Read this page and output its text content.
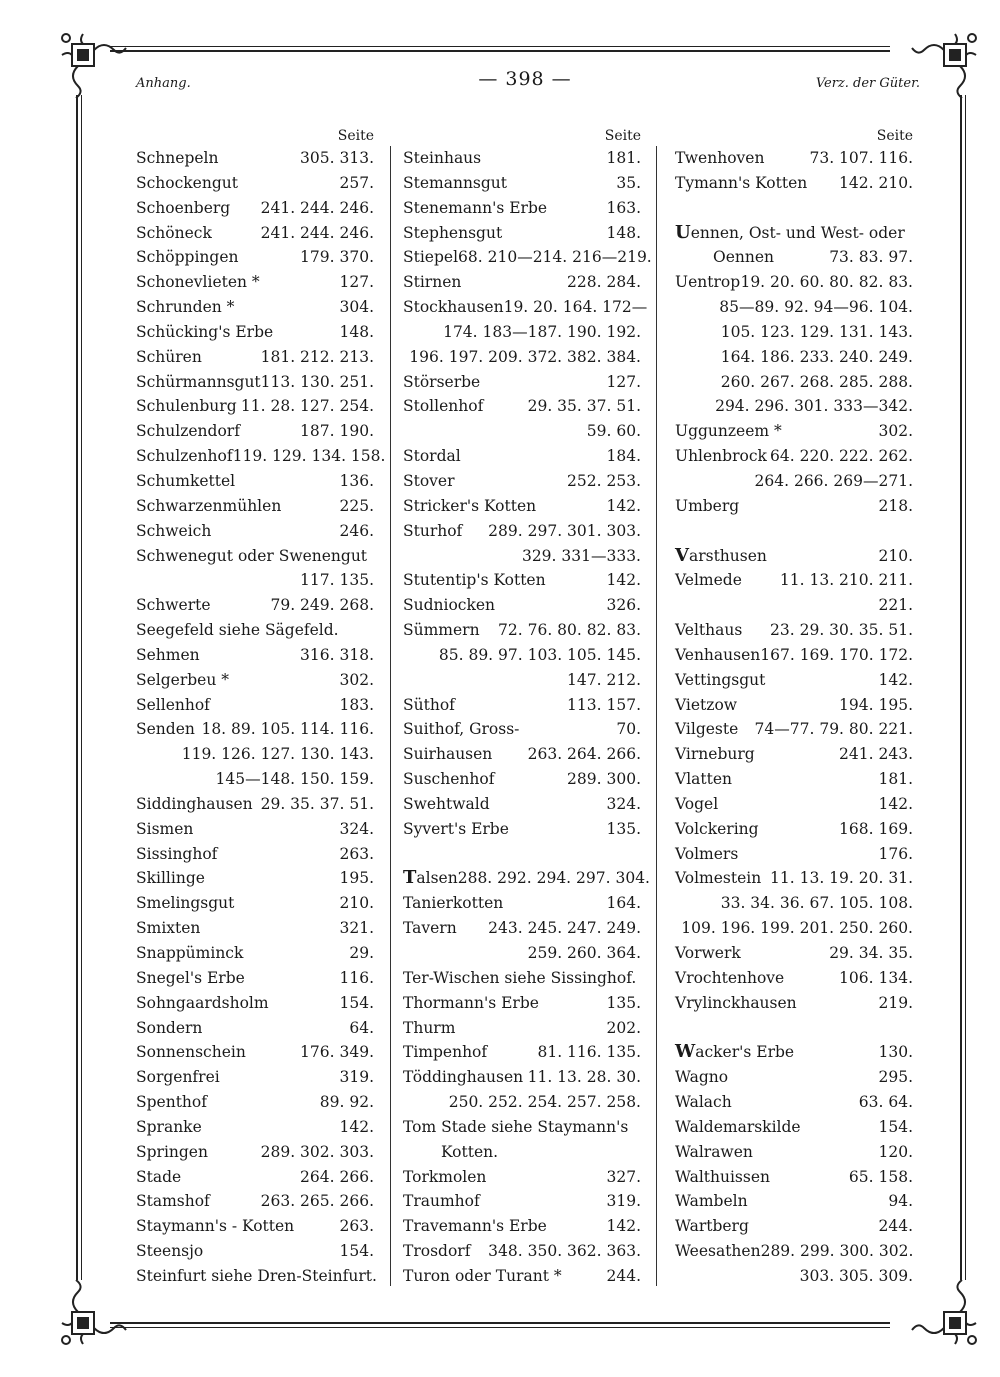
Anhang.	— 398 —	Verz. der Güter.
Seite
Schnepeln	305. 313.
Schockengut	257.
Schoenberg	241. 244. 246.
Schöneck	241. 244. 246.
Schöppingen	179. 370.
Schonevlieten *	127.
Schrunden *	304.
Schücking's Erbe	148.
Schüren	181. 212. 213.
Schürmannsgut 113. 130. 251.
Schulenburg 11. 28. 127. 254.
Schulzendorf	187. 190.
Schulzenhof 119. 129. 134. 158.
Schumkettel	136.
Schwarzenmühlen	225.
Schweich	246.
Schwenegut oder Swenengut
117. 135.
Schwerte	79. 249. 268.
Seegefeld siehe Sägefeld.
Sehmen	316. 318.
Selgerbeu *	302.
Sellenhof	183.
Senden 18. 89. 105. 114. 116.
119. 126. 127. 130. 143.
145—148. 150. 159.
Siddinghausen 29. 35. 37. 51.
Sismen	324.
Sissinghof	263.
Skillinge	195.
Smelingsgut	210.
Smixten	321.
Snappüminck	29.
Snegel's Erbe	116.
Sohngaardsholm	154.
Sondern	64.
Sonnenschein	176. 349.
Sorgenfrei	319.
Spenthof	89. 92.
Spranke	142.
Springen	289. 302. 303.
Stade	264. 266.
Stamshof	263. 265. 266.
Staymann's - Kotten	263.
Steensjo	154.
Steinfurt siehe Dren-Steinfurt.
Seite
Steinhaus	181.
Stemannsgut	35.
Stenemann's Erbe	163.
Stephensgut	148.
Stiepel 68. 210—214. 216—219.
Stirnen	228. 284.
Stockhausen 19. 20. 164. 172—
174. 183—187. 190. 192.
196. 197. 209. 372. 382. 384.
Störserbe	127.
Stollenhof	29. 35. 37. 51.
59. 60.
Stordal	184.
Stover	252. 253.
Stricker's Kotten	142.
Sturhof	289. 297. 301. 303.
329. 331—333.
Stutentip's Kotten	142.
Sudniocken	326.
Sümmern	72. 76. 80. 82. 83.
85. 89. 97. 103. 105. 145.
147. 212.
Süthof	113. 157.
Suithof, Gross-	70.
Suirhausen	263. 264. 266.
Suschenhof	289. 300.
Swehtwald	324.
Syvert's Erbe	135.
Talsen 288. 292. 294. 297. 304.
Tanierkotten	164.
Tavern	243. 245. 247. 249.
259. 260. 364.
Ter-Wischen siehe Sissinghof.
Thormann's Erbe	135.
Thurm	202.
Timpenhof	81. 116. 135.
Töddinghausen 11. 13. 28. 30.
250. 252. 254. 257. 258.
Tom Stade siehe Staymann's
Kotten.
Torkmolen	327.
Traumhof	319.
Travemann's Erbe	142.
Trosdorf	348. 350. 362. 363.
Turon oder Turant *	244.
Seite
Twenhoven	73. 107. 116.
Tymann's Kotten	142. 210.
Uennen, Ost- und West- oder
Oennen	73. 83. 97.
Uentrop 19. 20. 60. 80. 82. 83.
85—89. 92. 94—96. 104.
105. 123. 129. 131. 143.
164. 186. 233. 240. 249.
260. 267. 268. 285. 288.
294. 296. 301. 333—342.
Uggunzeem *	302.
Uhlenbrock 64. 220. 222. 262.
264. 266. 269—271.
Umberg	218.
Varsthusen	210.
Velmede	11. 13. 210. 211.
221.
Velthaus	23. 29. 30. 35. 51.
Venhausen 167. 169. 170. 172.
Vettingsgut	142.
Vietzow	194. 195.
Vilgeste	74—77. 79. 80. 221.
Virneburg	241. 243.
Vlatten	181.
Vogel	142.
Volckering	168. 169.
Volmers	176.
Volmestein 11. 13. 19. 20. 31.
33. 34. 36. 67. 105. 108.
109. 196. 199. 201. 250. 260.
Vorwerk	29. 34. 35.
Vrochtenhove	106. 134.
Vrylinckhausen	219.
Wacker's Erbe	130.
Wagno	295.
Walach	63. 64.
Waldemarskilde	154.
Walrawen	120.
Walthuissen	65. 158.
Wambeln	94.
Wartberg	244.
Weesathen 289. 299. 300. 302.
303. 305. 309.
